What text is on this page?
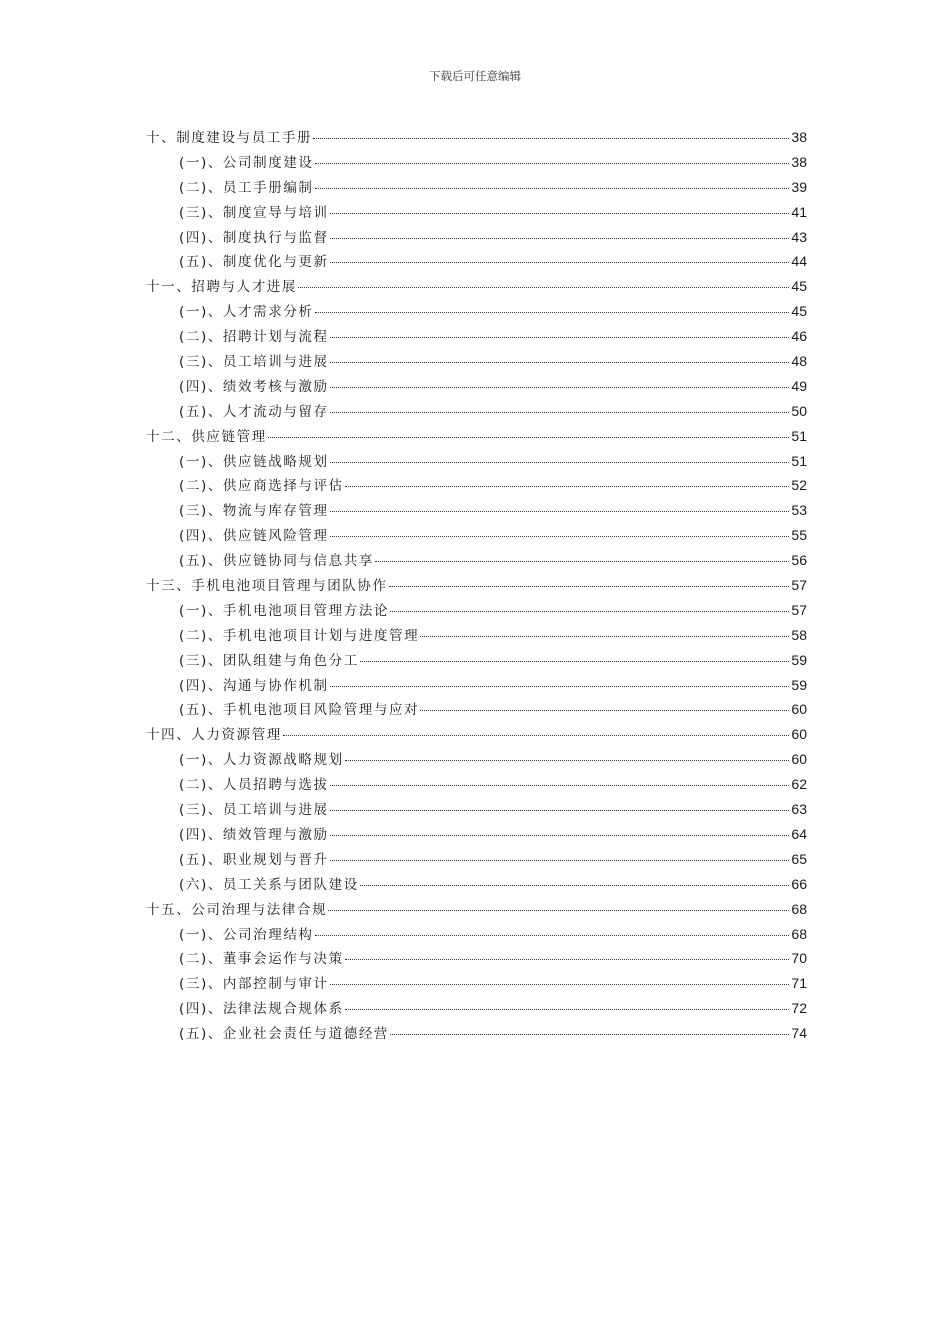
下载后可任意编辑
十、制度建设与员工手册	38
(一)、公司制度建设	38
(二)、员工手册编制	39
(三)、制度宣导与培训	41
(四)、制度执行与监督	43
(五)、制度优化与更新	44
十一、招聘与人才进展	45
(一)、人才需求分析	45
(二)、招聘计划与流程	46
(三)、员工培训与进展	48
(四)、绩效考核与激励	49
(五)、人才流动与留存	50
十二、供应链管理	51
(一)、供应链战略规划	51
(二)、供应商选择与评估	52
(三)、物流与库存管理	53
(四)、供应链风险管理	55
(五)、供应链协同与信息共享	56
十三、手机电池项目管理与团队协作	57
(一)、手机电池项目管理方法论	57
(二)、手机电池项目计划与进度管理	58
(三)、团队组建与角色分工	59
(四)、沟通与协作机制	59
(五)、手机电池项目风险管理与应对	60
十四、人力资源管理	60
(一)、人力资源战略规划	60
(二)、人员招聘与选拔	62
(三)、员工培训与进展	63
(四)、绩效管理与激励	64
(五)、职业规划与晋升	65
(六)、员工关系与团队建设	66
十五、公司治理与法律合规	68
(一)、公司治理结构	68
(二)、董事会运作与决策	70
(三)、内部控制与审计	71
(四)、法律法规合规体系	72
(五)、企业社会责任与道德经营	74
